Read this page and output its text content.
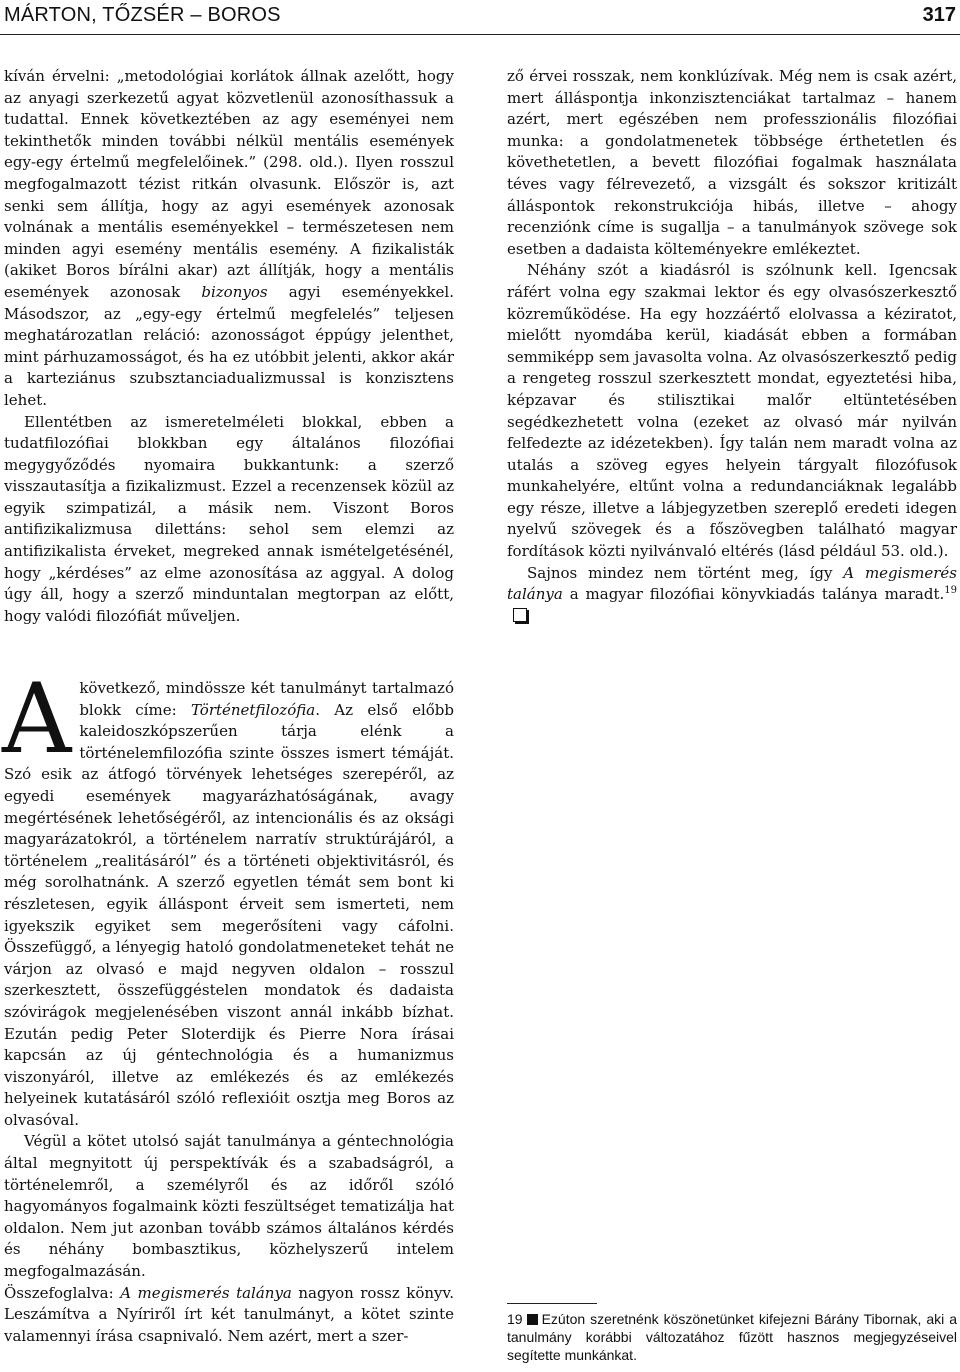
MÁRTON, TŐZSÉR – BOROS	317

kíván érvelni: „metodológiai korlátok állnak azelőtt, hogy az anyagi szerkezetű agyat közvetlenül azonosíthassuk a tudattal. Ennek következtében az agy eseményei nem tekinthetők minden további nélkül mentális események egy-egy értelmű megfelelőinek.” (298. old.). Ilyen rosszul megfogalmazott tézist ritkán olvasunk. Először is, azt senki sem állítja, hogy az agyi események azonosak volnának a mentális eseményekkel – természetesen nem minden agyi esemény mentális esemény. A fizikalisták (akiket Boros bírálni akar) azt állítják, hogy a mentális események azonosak bizonyos agyi eseményekkel. Másodszor, az „egy-egy értelmű megfelelés” teljesen meghatározatlan reláció: azonosságot éppúgy jelenthet, mint párhuzamosságot, és ha ez utóbbit jelenti, akkor akár a karteziánus szubsztanciadualizmussal is konzisztens lehet.

Ellentétben az ismeretelméleti blokkal, ebben a tudatfilozófiai blokkban egy általános filozófiai megygyőződés nyomaira bukkantunk: a szerző visszautasítja a fizikalizmust. Ezzel a recenzensek közül az egyik szimpatizál, a másik nem. Viszont Boros antifizikalizmusa dilettáns: sehol sem elemzi az antifizikalista érveket, megreked annak ismételgetésénél, hogy „kérdéses” az elme azonosítása az aggyal. A dolog úgy áll, hogy a szerző minduntalan megtorpan az előtt, hogy valódi filozófiát műveljen.

ző érvei rosszak, nem konklúzívak. Még nem is csak azért, mert álláspontja inkonzisztenciákat tartalmaz – hanem azért, mert egészében nem professzionális filozófiai munka: a gondolatmenetek többsége érthetetlen és követhetetlen, a bevett filozófiai fogalmak használata téves vagy félrevezető, a vizsgált és sokszor kritizált álláspontok rekonstrukciója hibás, illetve – ahogy recenziónk címe is sugallja – a tanulmányok szövege sok esetben a dadaista költeményekre emlékeztet.

Néhány szót a kiadásról is szólnunk kell. Igencsak ráfért volna egy szakmai lektor és egy olvasószerkesztő közreműködése. Ha egy hozzáértő elolvassa a kéziratot, mielőtt nyomdába kerül, kiadását ebben a formában semmiképp sem javasolta volna. Az olvasószerkesztő pedig a rengeteg rosszul szerkesztett mondat, egyeztetési hiba, képzavar és stilisztikai malőr eltüntetésében segédkezhetett volna (ezeket az olvasó már nyilván felfedezte az idézetekben). Így talán nem maradt volna az utalás a szöveg egyes helyein tárgyalt filozófusok munkahelyére, eltűnt volna a redundanciáknak legalább egy része, illetve a lábjegyzetben szereplő eredeti idegen nyelvű szövegek és a főszövegben található magyar fordítások közti nyilvánvaló eltérés (lásd például 53. old.).

Sajnos mindez nem történt meg, így A megismerés talánya a magyar filozófiai könyvkiadás talánya maradt.$^{19}$

Akövetkező, mindössze két tanulmányt tartalmazó blokk címe: Történetfilozófia. Az első előbb kaleidoszkópszerűen tárja elénk a történelemfilozófia szinte összes ismert témáját. Szó esik az átfogó törvények lehetséges szerepéről, az egyedi események magyarázhatóságának, avagy megértésének lehetőségéről, az intencionális és az oksági magyarázatokról, a történelem narratív struktúrájáról, a történelem „realitásáról” és a történeti objektivitásról, és még sorolhatnánk. A szerző egyetlen témát sem bont ki részletesen, egyik álláspont érveit sem ismerteti, nem igyekszik egyiket sem megerősíteni vagy cáfolni. Összefüggő, a lényegig hatoló gondolatmeneteket tehát ne várjon az olvasó e majd negyven oldalon – rosszul szerkesztett, összefüggéstelen mondatok és dadaista szóvirágok megjelenésében viszont annál inkább bízhat. Ezután pedig Peter Sloterdijk és Pierre Nora írásai kapcsán az új géntechnológia és a humanizmus viszonyáról, illetve az emlékezés és az emlékezés helyeinek kutatásáról szóló reflexióit osztja meg Boros az olvasóval.

Végül a kötet utolsó saját tanulmánya a géntechnológia által megnyitott új perspektívák és a szabadságról, a történelemről, a személyről és az időről szóló hagyományos fogalmaink közti feszültséget tematizálja hat oldalon. Nem jut azonban tovább számos általános kérdés és néhány bombasztikus, közhelyszerű intelem megfogalmazásán.

Összefoglalva: A megismerés talánya nagyon rossz könyv. Leszámítva a Nyíriről írt két tanulmányt, a kötet szinte valamennyi írása csapnivaló. Nem azért, mert a szer-

19 Ezúton szeretnénk köszönetünket kifejezni Bárány Tibornak, aki a tanulmány korábbi változatához fűzött hasznos megjegyzéseivel segítette munkánkat.
